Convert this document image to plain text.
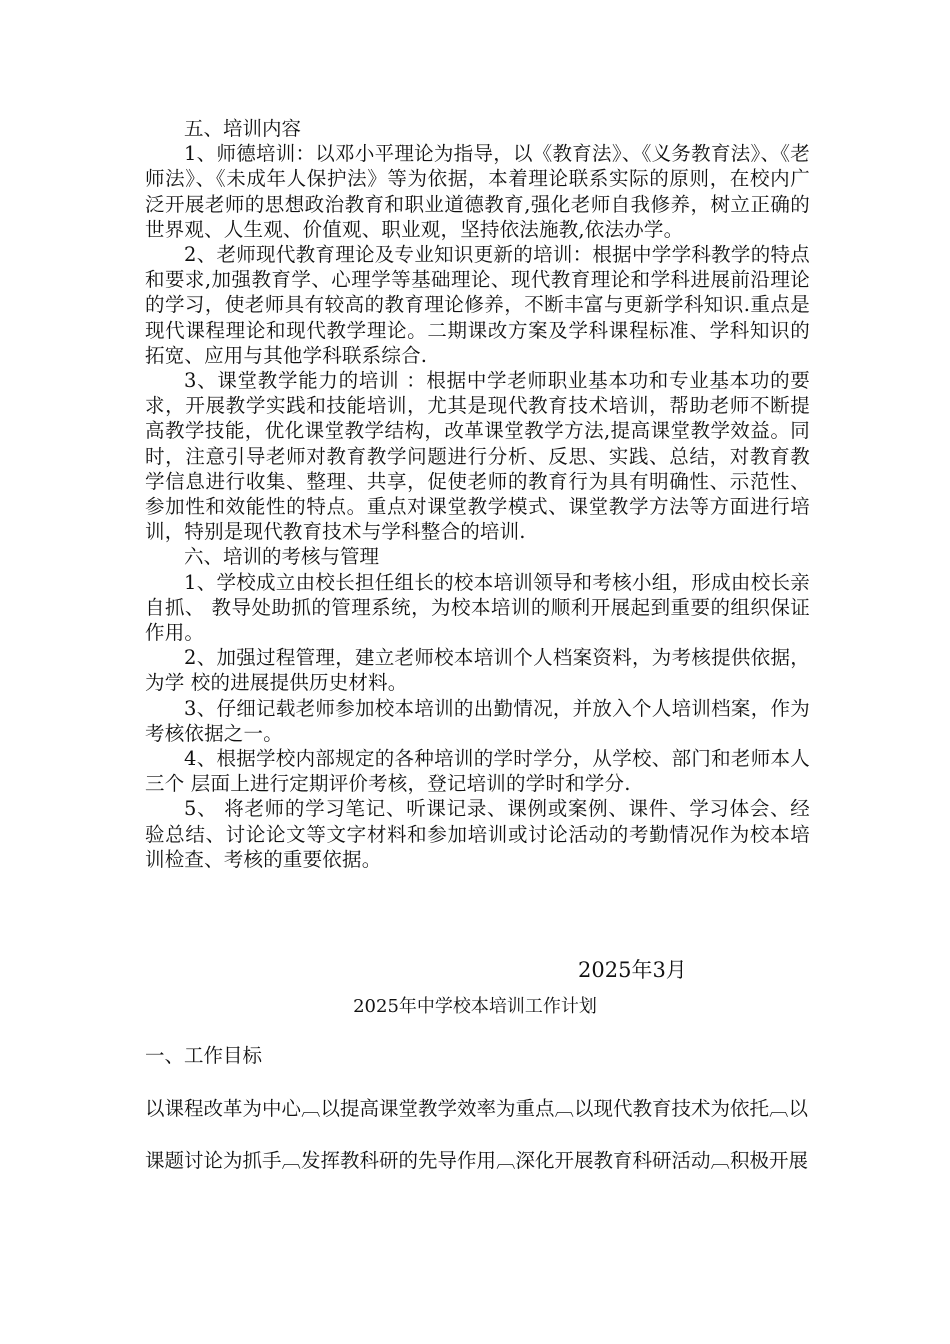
五、培训内容

1、师德培训：以邓小平理论为指导，以《教育法》、《义务教育法》、《老师法》、《未成年人保护法》等为依据，本着理论联系实际的原则，在校内广泛开展老师的思想政治教育和职业道德教育,强化老师自我修养，树立正确的世界观、人生观、价值观、职业观，坚持依法施教,依法办学。

2、老师现代教育理论及专业知识更新的培训：根据中学学科教学的特点和要求,加强教育学、心理学等基础理论、现代教育理论和学科进展前沿理论的学习，使老师具有较高的教育理论修养，不断丰富与更新学科知识.重点是现代课程理论和现代教学理论。二期课改方案及学科课程标准、学科知识的拓宽、应用与其他学科联系综合.

3、课堂教学能力的培训 ：根据中学老师职业基本功和专业基本功的要求，开展教学实践和技能培训，尤其是现代教育技术培训，帮助老师不断提高教学技能，优化课堂教学结构，改革课堂教学方法,提高课堂教学效益。同时，注意引导老师对教育教学问题进行分析、反思、实践、总结，对教育教学信息进行收集、整理、共享，促使老师的教育行为具有明确性、示范性、参加性和效能性的特点。重点对课堂教学模式、课堂教学方法等方面进行培训，特别是现代教育技术与学科整合的培训.

六、培训的考核与管理

1、学校成立由校长担任组长的校本培训领导和考核小组，形成由校长亲自抓、 教导处助抓的管理系统，为校本培训的顺利开展起到重要的组织保证作用。

2、加强过程管理，建立老师校本培训个人档案资料，为考核提供依据，为学 校的进展提供历史材料。

3、仔细记载老师参加校本培训的出勤情况，并放入个人培训档案，作为考核依据之一。

4、根据学校内部规定的各种培训的学时学分，从学校、部门和老师本人三个 层面上进行定期评价考核，登记培训的学时和学分.

5、 将老师的学习笔记、听课记录、课例或案例、课件、学习体会、经验总结、讨论论文等文字材料和参加培训或讨论活动的考勤情况作为校本培训检查、考核的重要依据。

2025年3月

2025年中学校本培训工作计划

一、工作目标

以课程改革为中心︹以提高课堂教学效率为重点︹以现代教育技术为依托︹以

课题讨论为抓手︹发挥教科研的先导作用︹深化开展教育科研活动︹积极开展
